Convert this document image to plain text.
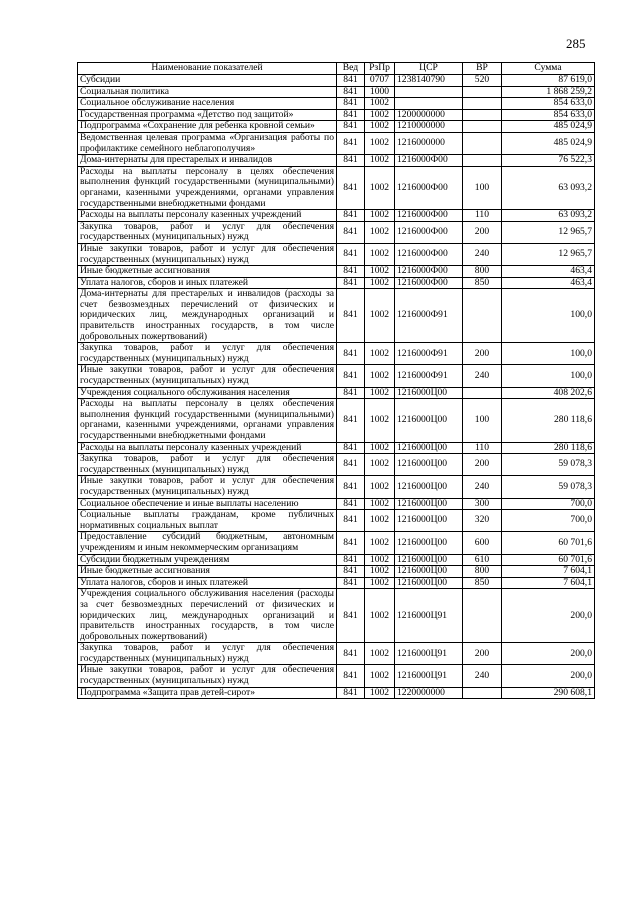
285
Наименование показателей	Вед	РзПр	ЦСР	ВР	Сумма
Субсидии	841	0707	1238140790	520	87 619,0
Социальная политика	841	1000			1 868 259,2
Социальное обслуживание населения	841	1002			854 633,0
Государственная программа «Детство под защитой»	841	1002	1200000000		854 633,0
Подпрограмма «Сохранение для ребенка кровной семьи»	841	1002	1210000000		485 024,9
Ведомственная целевая программа «Организация работы по профилактике семейного неблагополучия»	841	1002	1216000000		485 024,9
Дома-интернаты для престарелых и инвалидов	841	1002	1216000Ф00		76 522,3
Расходы на выплаты персоналу в целях обеспечения выполнения функций государственными (муниципальными) органами, казенными учреждениями, органами управления государственными внебюджетными фондами	841	1002	1216000Ф00	100	63 093,2
Расходы на выплаты персоналу казенных учреждений	841	1002	1216000Ф00	110	63 093,2
Закупка товаров, работ и услуг для обеспечения государственных (муниципальных) нужд	841	1002	1216000Ф00	200	12 965,7
Иные закупки товаров, работ и услуг для обеспечения государственных (муниципальных) нужд	841	1002	1216000Ф00	240	12 965,7
Иные бюджетные ассигнования	841	1002	1216000Ф00	800	463,4
Уплата налогов, сборов и иных платежей	841	1002	1216000Ф00	850	463,4
Дома-интернаты для престарелых и инвалидов (расходы за счет безвозмездных перечислений от физических и юридических лиц, международных организаций и правительств иностранных государств, в том числе добровольных пожертвований)	841	1002	1216000Ф91		100,0
Закупка товаров, работ и услуг для обеспечения государственных (муниципальных) нужд	841	1002	1216000Ф91	200	100,0
Иные закупки товаров, работ и услуг для обеспечения государственных (муниципальных) нужд	841	1002	1216000Ф91	240	100,0
Учреждения социального обслуживания населения	841	1002	1216000Ц00		408 202,6
Расходы на выплаты персоналу в целях обеспечения выполнения функций государственными (муниципальными) органами, казенными учреждениями, органами управления государственными внебюджетными фондами	841	1002	1216000Ц00	100	280 118,6
Расходы на выплаты персоналу казенных учреждений	841	1002	1216000Ц00	110	280 118,6
Закупка товаров, работ и услуг для обеспечения государственных (муниципальных) нужд	841	1002	1216000Ц00	200	59 078,3
Иные закупки товаров, работ и услуг для обеспечения государственных (муниципальных) нужд	841	1002	1216000Ц00	240	59 078,3
Социальное обеспечение и иные выплаты населению	841	1002	1216000Ц00	300	700,0
Социальные выплаты гражданам, кроме публичных нормативных социальных выплат	841	1002	1216000Ц00	320	700,0
Предоставление субсидий бюджетным, автономным учреждениям и иным некоммерческим организациям	841	1002	1216000Ц00	600	60 701,6
Субсидии бюджетным учреждениям	841	1002	1216000Ц00	610	60 701,6
Иные бюджетные ассигнования	841	1002	1216000Ц00	800	7 604,1
Уплата налогов, сборов и иных платежей	841	1002	1216000Ц00	850	7 604,1
Учреждения социального обслуживания населения (расходы за счет безвозмездных перечислений от физических и юридических лиц, международных организаций и правительств иностранных государств, в том числе добровольных пожертвований)	841	1002	1216000Ц91		200,0
Закупка товаров, работ и услуг для обеспечения государственных (муниципальных) нужд	841	1002	1216000Ц91	200	200,0
Иные закупки товаров, работ и услуг для обеспечения государственных (муниципальных) нужд	841	1002	1216000Ц91	240	200,0
Подпрограмма «Защита прав детей-сирот»	841	1002	1220000000		290 608,1
